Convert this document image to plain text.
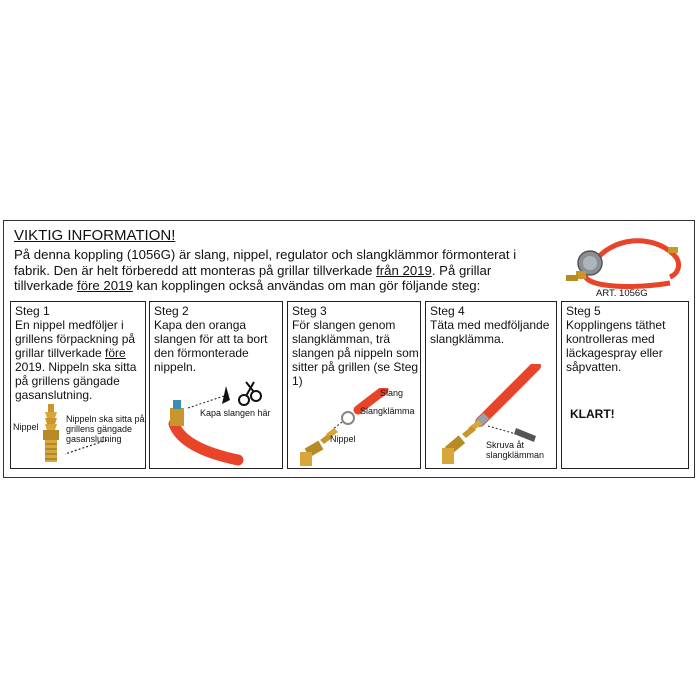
VIKTIG INFORMATION!
På denna koppling (1056G) är slang, nippel, regulator och slangklämmor förmonterat i fabrik. Den är helt förberedd att monteras på grillar tillverkade från 2019. På grillar tillverkade före 2019 kan kopplingen också användas om man gör följande steg:
ART. 1056G
Steg 1
En nippel medföljer i grillens förpackning på grillar tillverkade före 2019. Nippeln ska sitta på grillens gängade gasanslutning.
Nippel
Nippeln ska sitta på grillens gängade gasanslutning
Steg 2
Kapa den oranga slangen för att ta bort den förmonterade nippeln.
Kapa slangen här
Steg 3
För slangen genom slangklämman, trä slangen på nippeln som sitter på grillen (se Steg 1)
Slang
Slangklämma
Nippel
Steg 4
Täta med medföljande slangklämma.
Skruva åt slangklämman
Steg 5
Kopplingens täthet kontrolleras med läckagespray eller såpvatten.
KLART!
